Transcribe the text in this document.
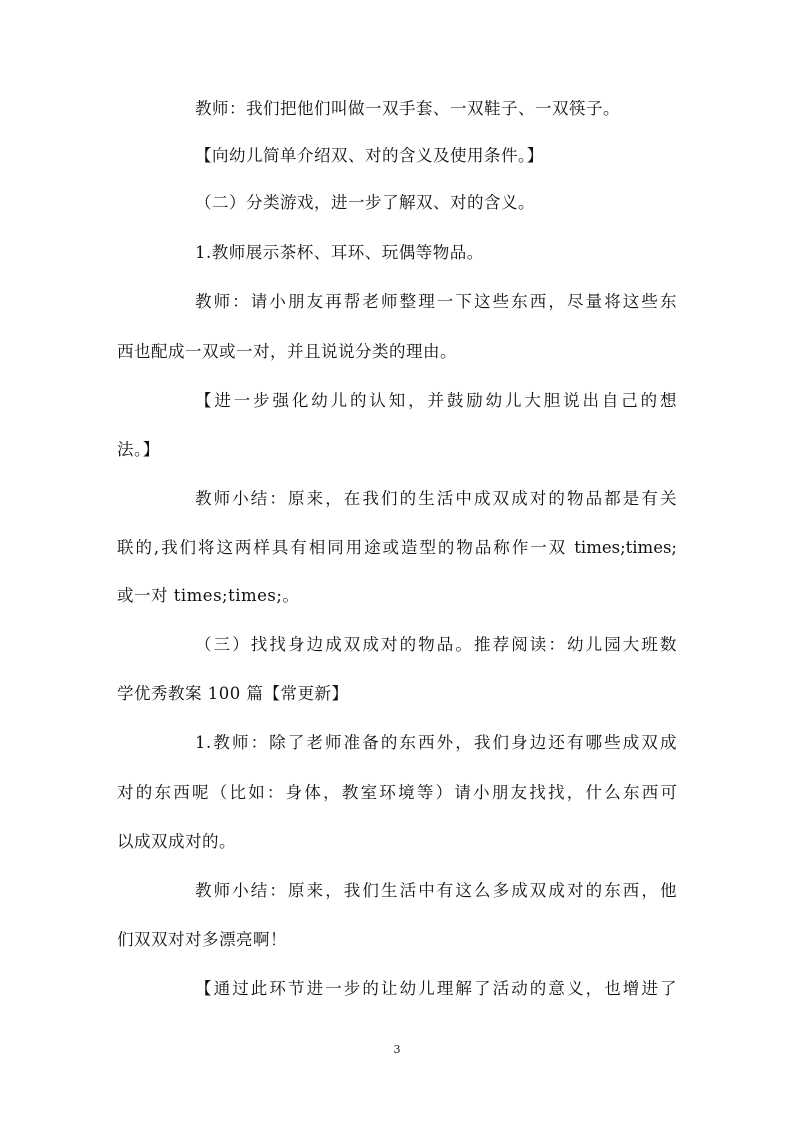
教师：我们把他们叫做一双手套、一双鞋子、一双筷子。
【向幼儿简单介绍双、对的含义及使用条件。】
（二）分类游戏，进一步了解双、对的含义。
1.教师展示茶杯、耳环、玩偶等物品。
教师：请小朋友再帮老师整理一下这些东西，尽量将这些东
西也配成一双或一对，并且说说分类的理由。
【进一步强化幼儿的认知，并鼓励幼儿大胆说出自己的想
法。】
教师小结：原来，在我们的生活中成双成对的物品都是有关
联的,我们将这两样具有相同用途或造型的物品称作一双 times;times;
或一对 times;times;。
（三）找找身边成双成对的物品。推荐阅读：幼儿园大班数
学优秀教案 100 篇【常更新】
1.教师：除了老师准备的东西外，我们身边还有哪些成双成
对的东西呢（比如：身体，教室环境等）请小朋友找找，什么东西可
以成双成对的。
教师小结：原来，我们生活中有这么多成双成对的东西，他
们双双对对多漂亮啊！
【通过此环节进一步的让幼儿理解了活动的意义，也增进了
3
